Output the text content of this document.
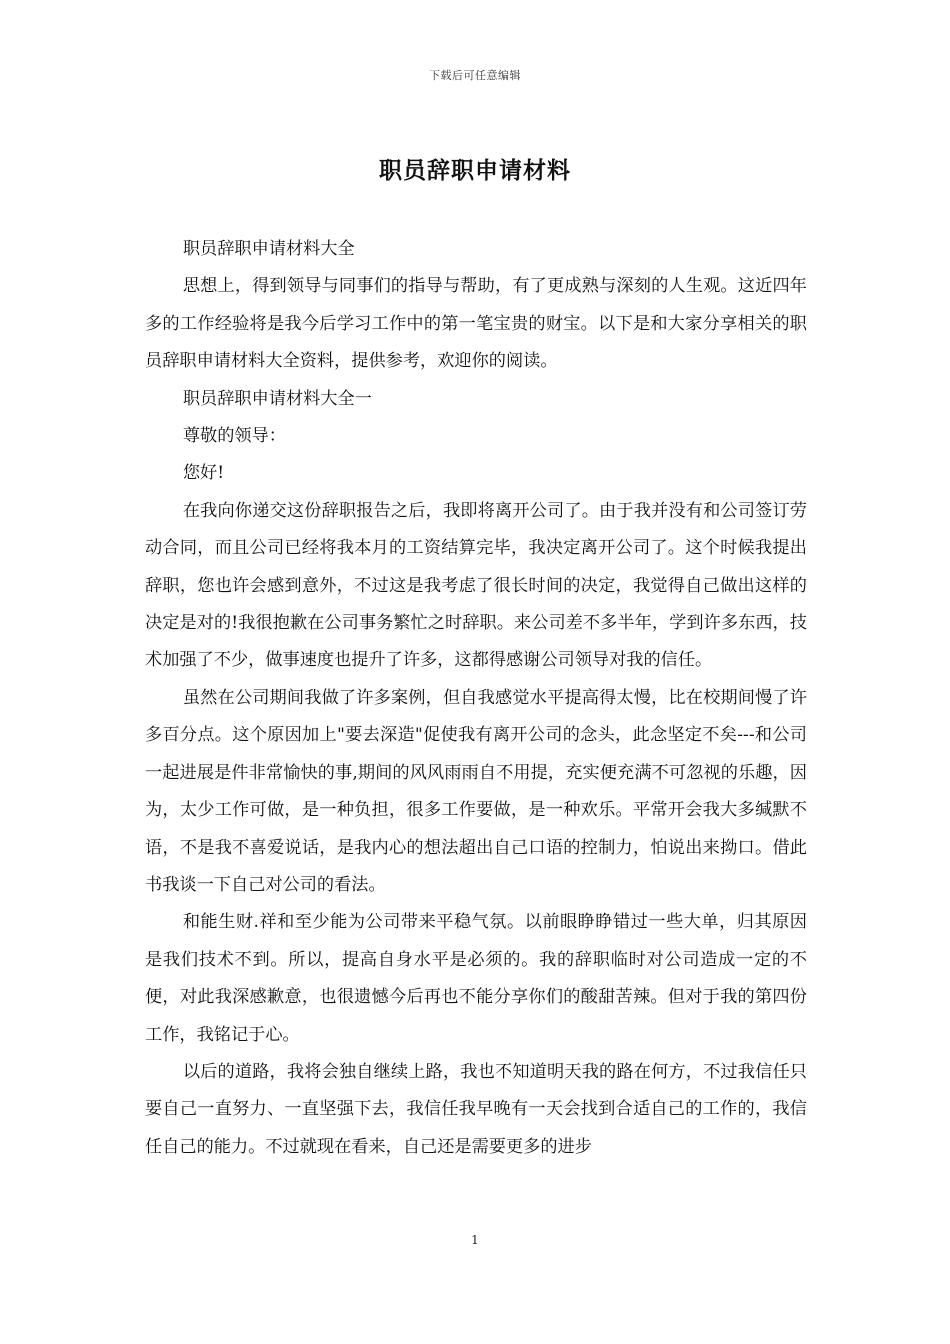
下载后可任意编辑
职员辞职申请材料

职员辞职申请材料大全

思想上，得到领导与同事们的指导与帮助，有了更成熟与深刻的人生观。这近四年多的工作经验将是我今后学习工作中的第一笔宝贵的财宝。以下是和大家分享相关的职员辞职申请材料大全资料，提供参考，欢迎你的阅读。

职员辞职申请材料大全一

尊敬的领导：

您好!

在我向你递交这份辞职报告之后，我即将离开公司了。由于我并没有和公司签订劳动合同，而且公司已经将我本月的工资结算完毕，我决定离开公司了。这个时候我提出辞职，您也许会感到意外，不过这是我考虑了很长时间的决定，我觉得自己做出这样的决定是对的!我很抱歉在公司事务繁忙之时辞职。来公司差不多半年，学到许多东西，技术加强了不少，做事速度也提升了许多，这都得感谢公司领导对我的信任。

虽然在公司期间我做了许多案例，但自我感觉水平提高得太慢，比在校期间慢了许多百分点。这个原因加上"要去深造"促使我有离开公司的念头，此念坚定不矣---和公司一起进展是件非常愉快的事,期间的风风雨雨自不用提，充实便充满不可忽视的乐趣，因为，太少工作可做，是一种负担，很多工作要做，是一种欢乐。平常开会我大多缄默不语，不是我不喜爱说话，是我内心的想法超出自己口语的控制力，怕说出来拗口。借此书我谈一下自己对公司的看法。

和能生财.祥和至少能为公司带来平稳气氛。以前眼睁睁错过一些大单，归其原因是我们技术不到。所以，提高自身水平是必须的。我的辞职临时对公司造成一定的不便，对此我深感歉意，也很遗憾今后再也不能分享你们的酸甜苦辣。但对于我的第四份工作，我铭记于心。

以后的道路，我将会独自继续上路，我也不知道明天我的路在何方，不过我信任只要自己一直努力、一直坚强下去，我信任我早晚有一天会找到合适自己的工作的，我信任自己的能力。不过就现在看来，自己还是需要更多的进步

1
